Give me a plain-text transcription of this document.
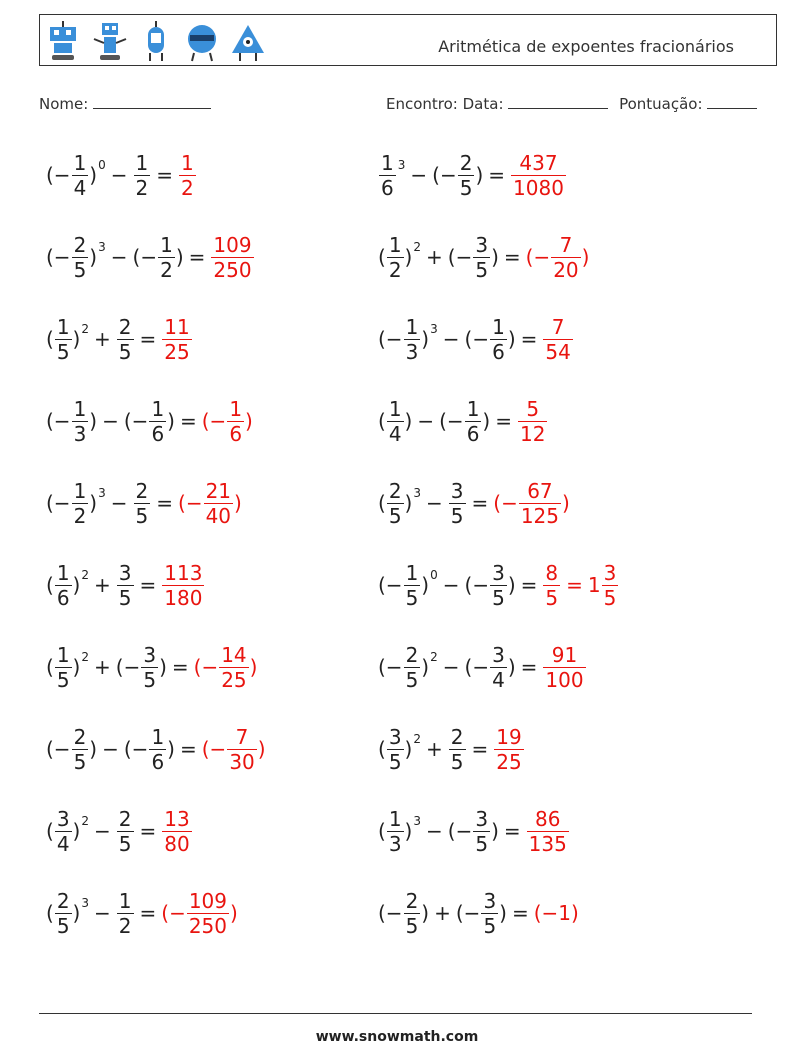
Aritmética de expoentes fracionários
Nome:	Encontro: Data:	Pontuação:
(− $\frac{1}{4}$ ) $0 - \frac{1}{2} = \frac{1}{2}$	$\frac{1}{6} 3$ − (− $\frac{2}{5}$ ) = $\frac{437}{1080}$
(− $\frac{2}{5}$ ) 3 − (− $\frac{1}{2}$ ) = $\frac{109}{250}$	( $\frac{1}{2}$ ) 2 + (− $\frac{3}{5}$ ) = (− $\frac{7}{20}$ )
( $\frac{1}{5}$ ) $2 + \frac{2}{5} = \frac{11}{25}$	(− $\frac{1}{3}$ ) 3 − (− $\frac{1}{6}$ ) = $\frac{7}{54}$
(− $\frac{1}{3}$ ) − (− $\frac{1}{6}$ ) = (− $\frac{1}{6}$ )	( $\frac{1}{4}$ ) − (− $\frac{1}{6}$ ) = $\frac{5}{12}$
(− $\frac{1}{2}$ ) $3 - \frac{2}{5}$ = (− $\frac{21}{40}$ )	( $\frac{2}{5}$ ) $3 - \frac{3}{5}$ = (− $\frac{67}{125}$ )
( $\frac{1}{6}$ ) $2 + \frac{3}{5} = \frac{113}{180}$	(− $\frac{1}{5}$ ) 0 − (− $\frac{3}{5}$ ) = $\frac{8}{5} = 1 \frac{3}{5}$
( $\frac{1}{5}$ ) 2 + (− $\frac{3}{5}$ ) = (− $\frac{14}{25}$ )	(− $\frac{2}{5}$ ) 2 − (− $\frac{3}{4}$ ) = $\frac{91}{100}$
(− $\frac{2}{5}$ ) − (− $\frac{1}{6}$ ) = (− $\frac{7}{30}$ )	( $\frac{3}{5}$ ) $2 + \frac{2}{5} = \frac{19}{25}$
( $\frac{3}{4}$ ) $2 - \frac{2}{5} = \frac{13}{80}$	( $\frac{1}{3}$ ) 3 − (− $\frac{3}{5}$ ) = $\frac{86}{135}$
( $\frac{2}{5}$ ) $3 - \frac{1}{2}$ = (− $\frac{109}{250}$ )	(− $\frac{2}{5}$ ) + (− $\frac{3}{5}$ ) = (−1)
www.snowmath.com
